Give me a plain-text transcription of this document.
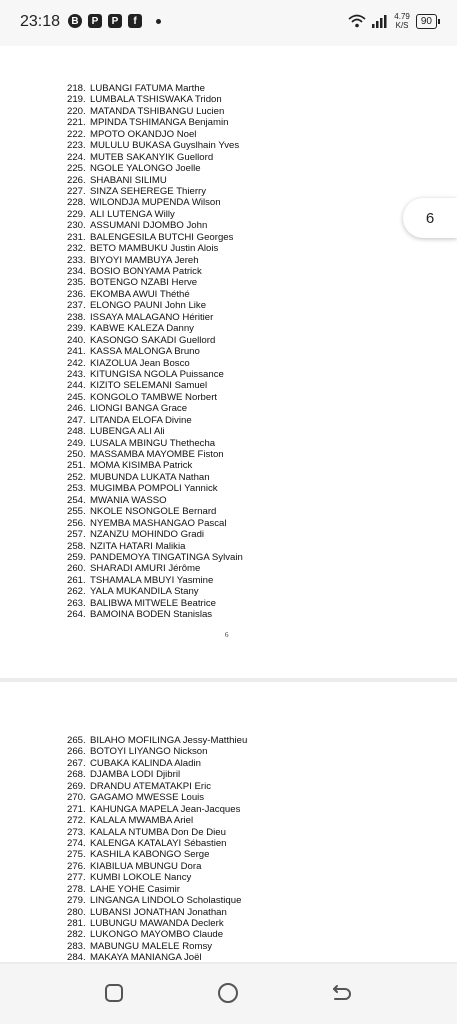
23:18	B	P	P	f	4.79
K/S	90
218. LUBANGI FATUMA Marthe
219. LUMBALA TSHISWAKA Tridon
220. MATANDA TSHIBANGU Lucien
221. MPINDA TSHIMANGA Benjamin
222. MPOTO OKANDJO Noel
223. MULULU BUKASA Guyslhain Yves
224. MUTEB SAKANYIK Guellord
225. NGOLE YALONGO Joelle
226. SHABANI SILIMU
227. SINZA SEHEREGE Thierry
228. WILONDJA MUPENDA Wilson
229. ALI LUTENGA Willy
230. ASSUMANI DJOMBO John
231. BALENGESILA BUTCHI Georges
232. BETO MAMBUKU Justin Alois
233. BIYOYI MAMBUYA Jereh
234. BOSIO BONYAMA Patrick
235. BOTENGO NZABI Herve
236. EKOMBA AWUI Théthé
237. ELONGO PAUNI John Like
238. ISSAYA MALAGANO Héritier
239. KABWE KALEZA Danny
240. KASONGO SAKADI Guellord
241. KASSA MALONGA Bruno
242. KIAZOLUA Jean Bosco
243. KITUNGISA NGOLA Puissance
244. KIZITO SELEMANI Samuel
245. KONGOLO TAMBWE Norbert
246. LIONGI BANGA Grace
247. LITANDA ELOFA Divine
248. LUBENGA ALI Ali
249. LUSALA MBINGU Thethecha
250. MASSAMBA MAYOMBE Fiston
251. MOMA KISIMBA Patrick
252. MUBUNDA LUKATA Nathan
253. MUGIMBA POMPOLI Yannick
254. MWANIA WASSO
255. NKOLE NSONGOLE Bernard
256. NYEMBA MASHANGAO Pascal
257. NZANZU MOHINDO Gradi
258. NZITA HATARI Malikia
259. PANDEMOYA TINGATINGA Sylvain
260. SHARADI AMURI Jérôme
261. TSHAMALA MBUYI Yasmine
262. YALA MUKANDILA Stany
263. BALIBWA MITWELE Beatrice
264. BAMOINA BODEN Stanislas
6
265. BILAHO MOFILINGA Jessy-Matthieu
266. BOTOYI LIYANGO Nickson
267. CUBAKA KALINDA Aladin
268. DJAMBA LODI Djibril
269. DRANDU ATEMATAKPI Eric
270. GAGAMO MWESSE Louis
271. KAHUNGA MAPELA Jean-Jacques
272. KALALA MWAMBA Ariel
273. KALALA NTUMBA Don De Dieu
274. KALENGA KATALAYI Sébastien
275. KASHILA KABONGO Serge
276. KIABILUA MBUNGU Dora
277. KUMBI LOKOLE Nancy
278. LAHE YOHE Casimir
279. LINGANGA LINDOLO Scholastique
280. LUBANSI JONATHAN Jonathan
281. LUBUNGU MAWANDA Declerk
282. LUKONGO MAYOMBO Claude
283. MABUNGU MALELE Romsy
284. MAKAYA MANIANGA Joël
6
